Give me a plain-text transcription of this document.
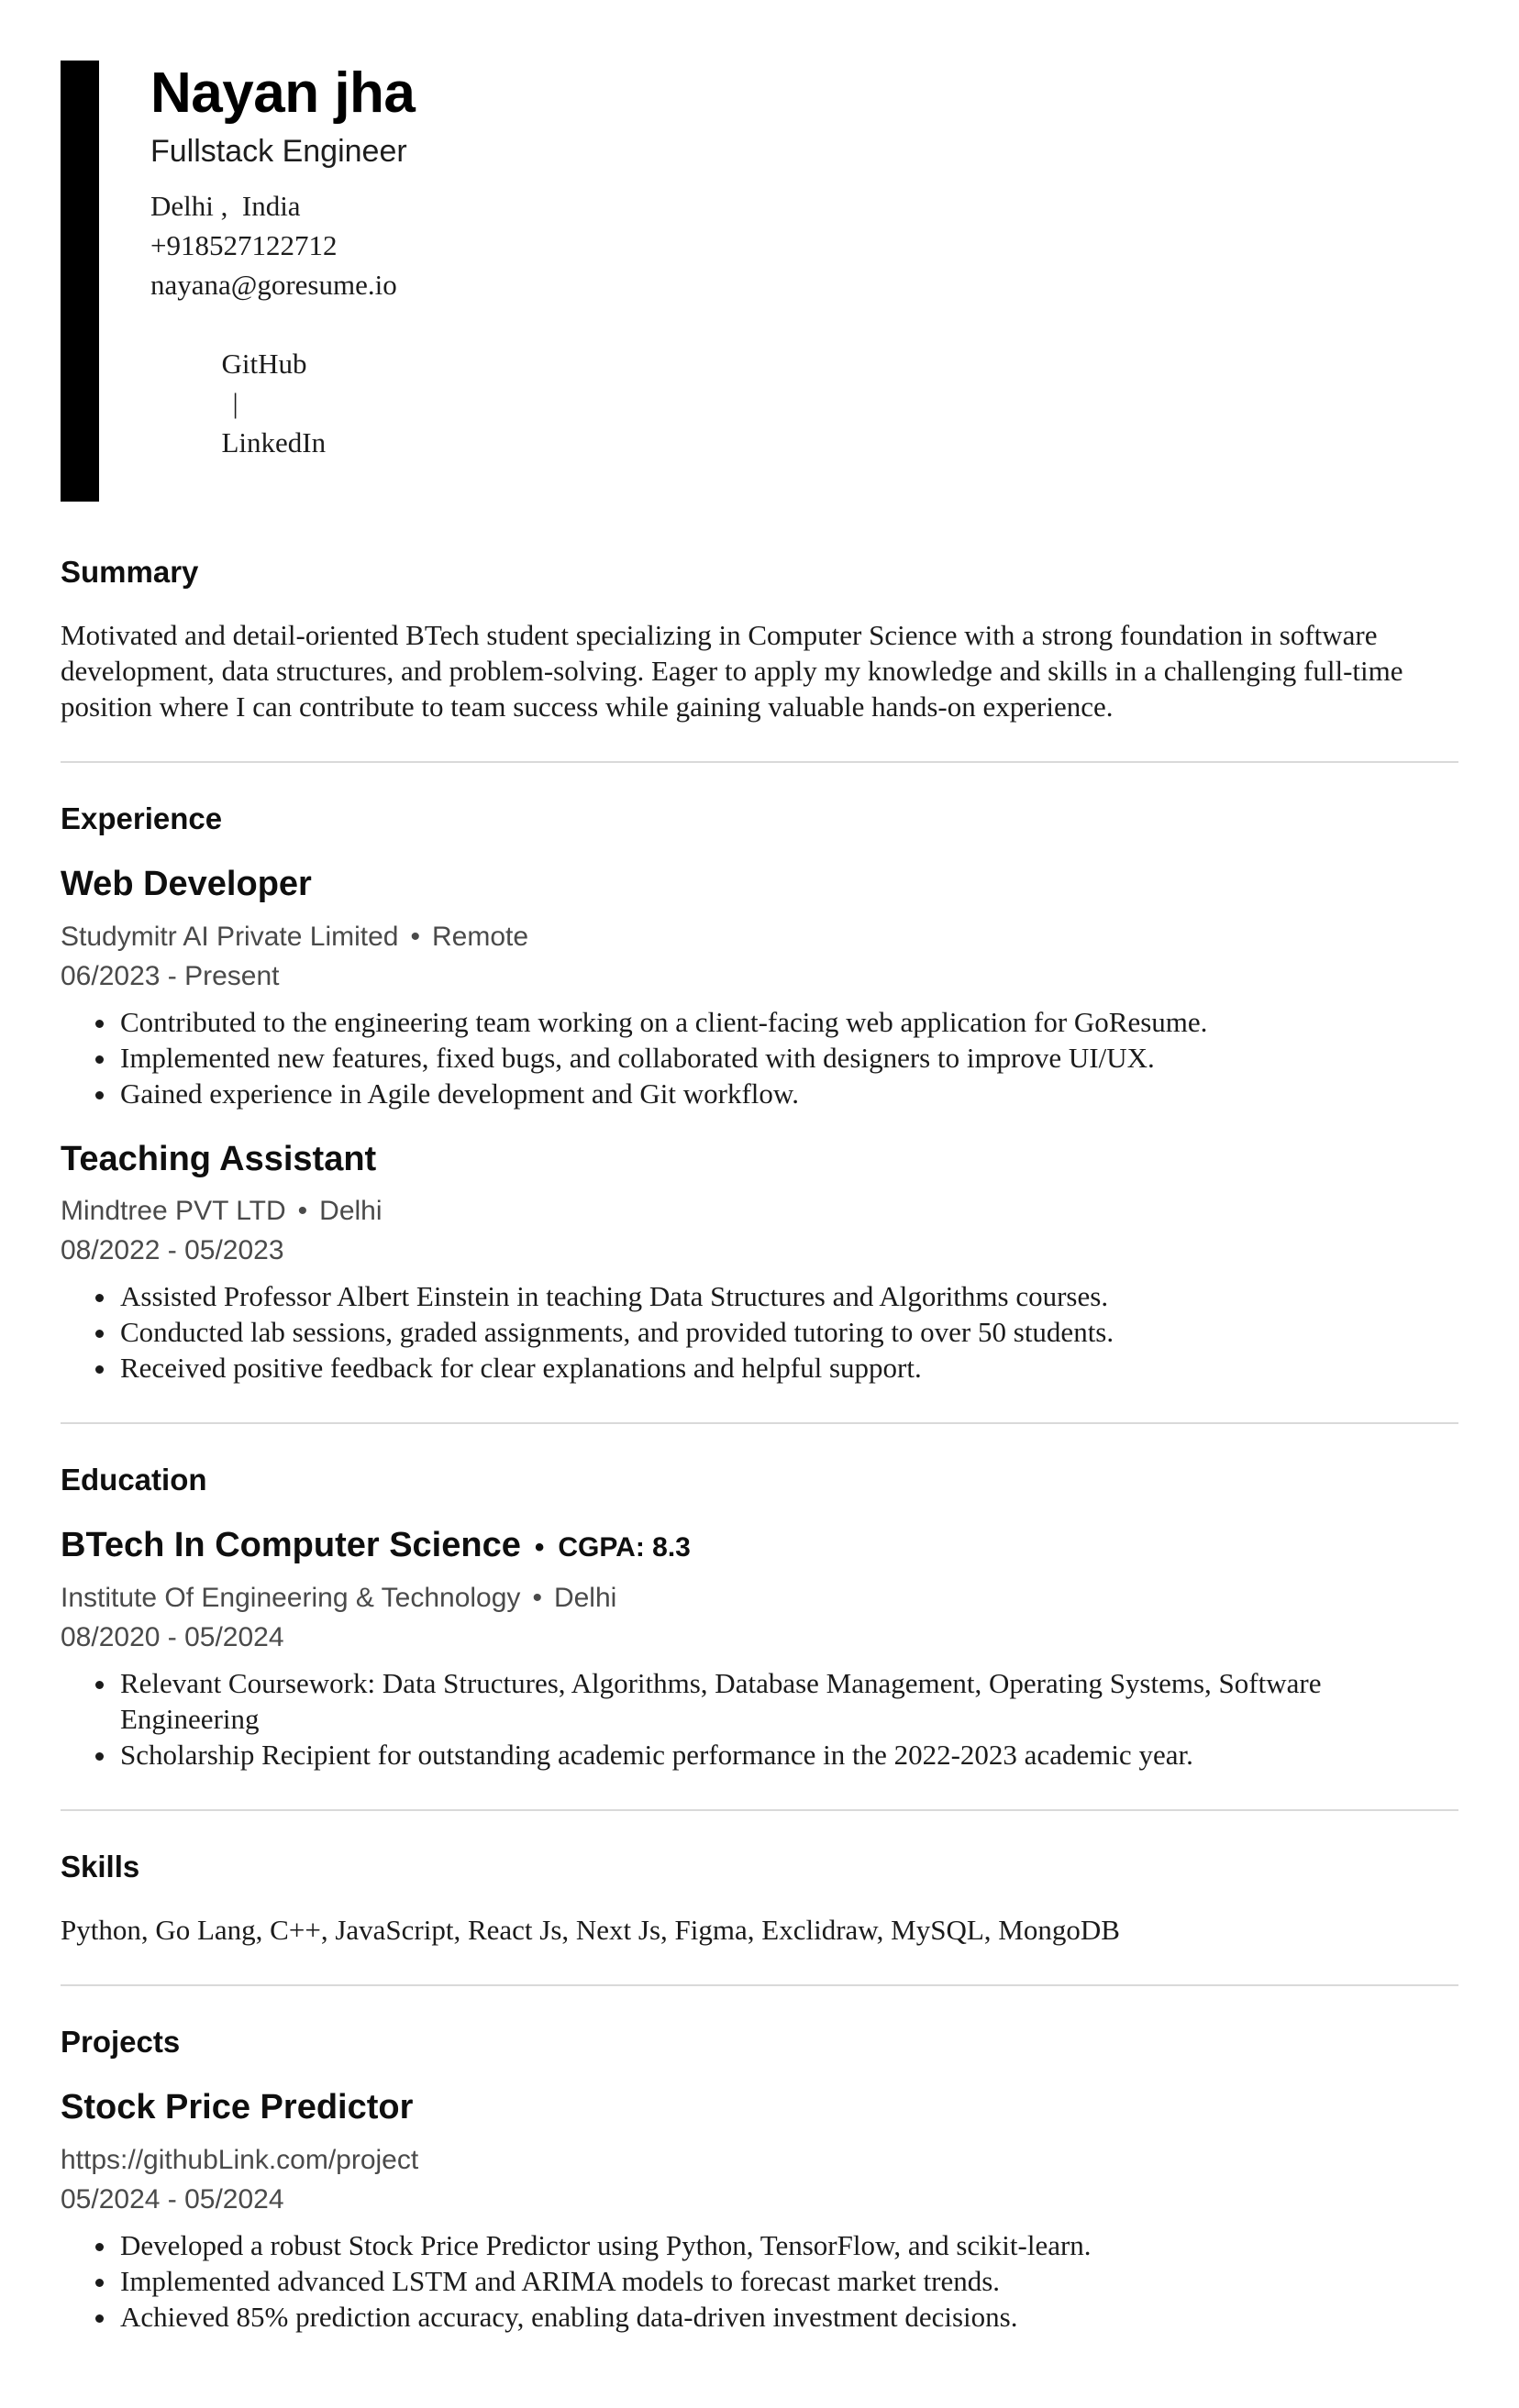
Nayan jha
Fullstack Engineer
Delhi ,  India
+918527122712
nayana@goresume.io

GitHub
|
LinkedIn

Summary

Motivated and detail-oriented BTech student specializing in Computer Science with a strong foundation in software development, data structures, and problem-solving. Eager to apply my knowledge and skills in a challenging full-time position where I can contribute to team success while gaining valuable hands-on experience.

Experience
Web Developer
Studymitr AI Private Limited • Remote
06/2023 - Present
• Contributed to the engineering team working on a client-facing web application for GoResume.
• Implemented new features, fixed bugs, and collaborated with designers to improve UI/UX.
• Gained experience in Agile development and Git workflow.
Teaching Assistant
Mindtree PVT LTD • Delhi
08/2022 - 05/2023
• Assisted Professor Albert Einstein in teaching Data Structures and Algorithms courses.
• Conducted lab sessions, graded assignments, and provided tutoring to over 50 students.
• Received positive feedback for clear explanations and helpful support.
Education
BTech In Computer Science • CGPA: 8.3
Institute Of Engineering & Technology • Delhi
08/2020 - 05/2024
• Relevant Coursework: Data Structures, Algorithms, Database Management, Operating Systems, Software Engineering
• Scholarship Recipient for outstanding academic performance in the 2022-2023 academic year.
Skills

Python, Go Lang, C++, JavaScript, React Js, Next Js, Figma, Exclidraw, MySQL, MongoDB

Projects
Stock Price Predictor
https://githubLink.com/project
05/2024 - 05/2024
• Developed a robust Stock Price Predictor using Python, TensorFlow, and scikit-learn.
• Implemented advanced LSTM and ARIMA models to forecast market trends.
• Achieved 85% prediction accuracy, enabling data-driven investment decisions.
